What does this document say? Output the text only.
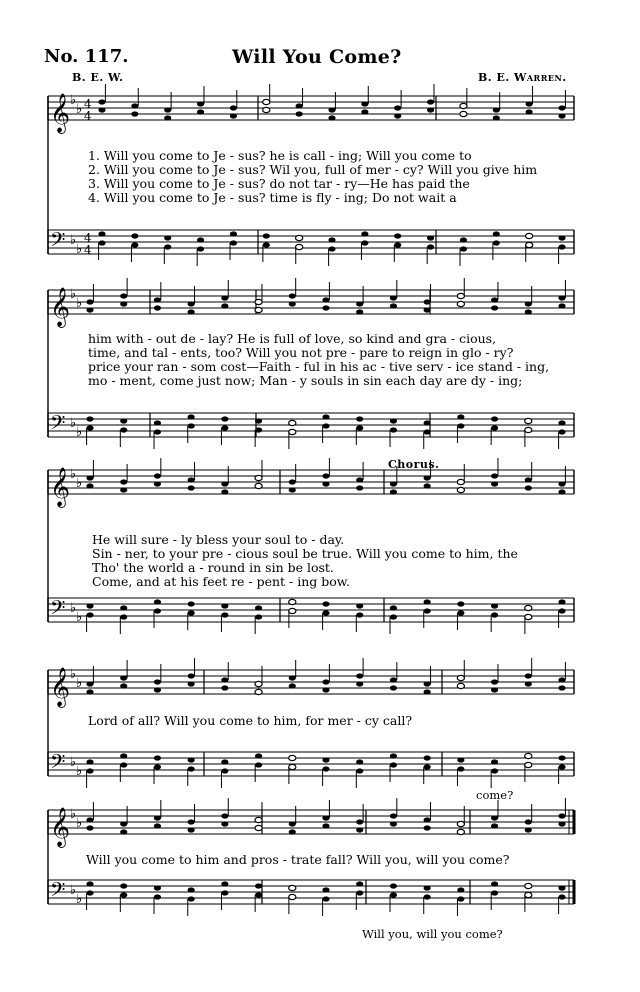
No. 117.	Will You Come?
B. E. W.	B. E. Warren.
𝄞 ♭
♭ 4
4
𝄢 ♭
♭
4
4
𝄞 ♭
♭
𝄢 ♭
♭
𝄞 ♭
♭
𝄢 ♭
♭
𝄞 ♭
♭
𝄢 ♭
♭
𝄞 ♭
♭
𝄢 ♭
♭

1. Will you come to Je - sus? he is call - ing; Will you come to

2. Will you come to Je - sus? Wil you, full of mer - cy? Will you give him

3. Will you come to Je - sus? do not tar - ry—He has paid the

4. Will you come to Je - sus? time is fly - ing; Do not wait a

him with - out de - lay? He is full of love, so kind and gra - cious,

time, and tal - ents, too? Will you not pre - pare to reign in glo - ry?

price your ran - som cost—Faith - ful in his ac - tive serv - ice stand - ing,

mo - ment, come just now; Man - y souls in sin each day are dy - ing;

Chorus.

He will sure - ly bless your soul to - day.

Sin - ner, to your pre - cious soul be true. Will you come to him, the

Tho' the world a - round in sin be lost.

Come, and at his feet re - pent - ing bow.

Lord of all? Will you come to him, for mer - cy call?

come?

Will you come to him and pros - trate fall? Will you, will you come?

Will you, will you come?
